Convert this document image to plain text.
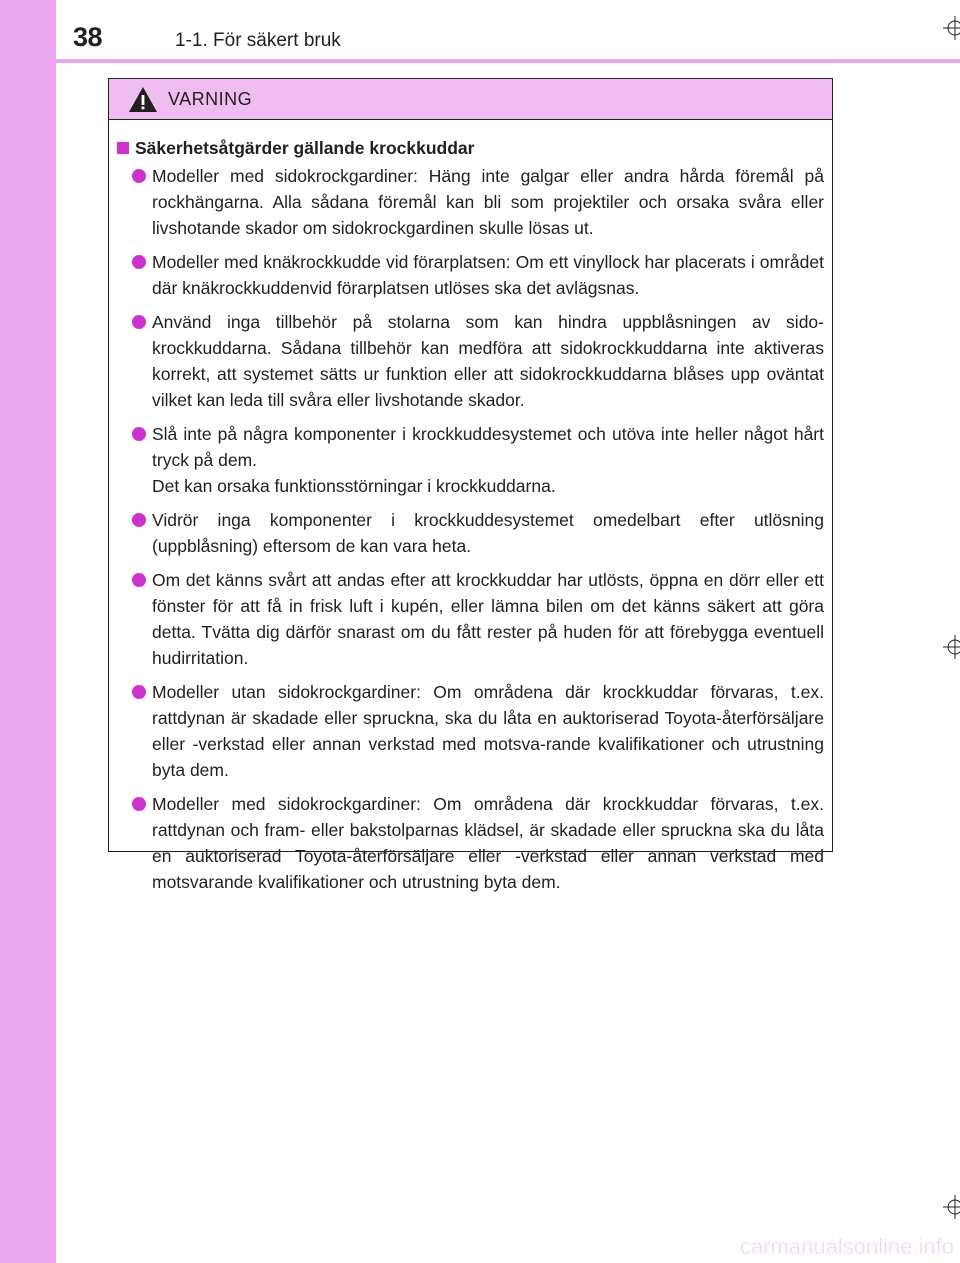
38	1-1. För säkert bruk
VARNING
Säkerhetsåtgärder gällande krockkuddar

Modeller med sidokrockgardiner: Häng inte galgar eller andra hårda föremål på rockhängarna. Alla sådana föremål kan bli som projektiler och orsaka svåra eller livshotande skador om sidokrockgardinen skulle lösas ut.

Modeller med knäkrockkudde vid förarplatsen: Om ett vinyllock har placerats i området där knäkrockkuddenvid förarplatsen utlöses ska det avlägsnas.

Använd inga tillbehör på stolarna som kan hindra uppblåsningen av sido-krockkuddarna. Sådana tillbehör kan medföra att sidokrockkuddarna inte aktiveras korrekt, att systemet sätts ur funktion eller att sidokrockkuddarna blåses upp oväntat vilket kan leda till svåra eller livshotande skador.

Slå inte på några komponenter i krockkuddesystemet och utöva inte heller något hårt tryck på dem.

Det kan orsaka funktionsstörningar i krockkuddarna.

Vidrör inga komponenter i krockkuddesystemet omedelbart efter utlösning (uppblåsning) eftersom de kan vara heta.

Om det känns svårt att andas efter att krockkuddar har utlösts, öppna en dörr eller ett fönster för att få in frisk luft i kupén, eller lämna bilen om det känns säkert att göra detta. Tvätta dig därför snarast om du fått rester på huden för att förebygga eventuell hudirritation.

Modeller utan sidokrockgardiner: Om områdena där krockkuddar förvaras, t.ex. rattdynan är skadade eller spruckna, ska du låta en auktoriserad Toyota-återförsäljare eller -verkstad eller annan verkstad med motsva-rande kvalifikationer och utrustning byta dem.

Modeller med sidokrockgardiner: Om områdena där krockkuddar förvaras, t.ex. rattdynan och fram- eller bakstolparnas klädsel, är skadade eller spruckna ska du låta en auktoriserad Toyota-återförsäljare eller -verkstad eller annan verkstad med motsvarande kvalifikationer och utrustning byta dem.

carmanualsonline.info
